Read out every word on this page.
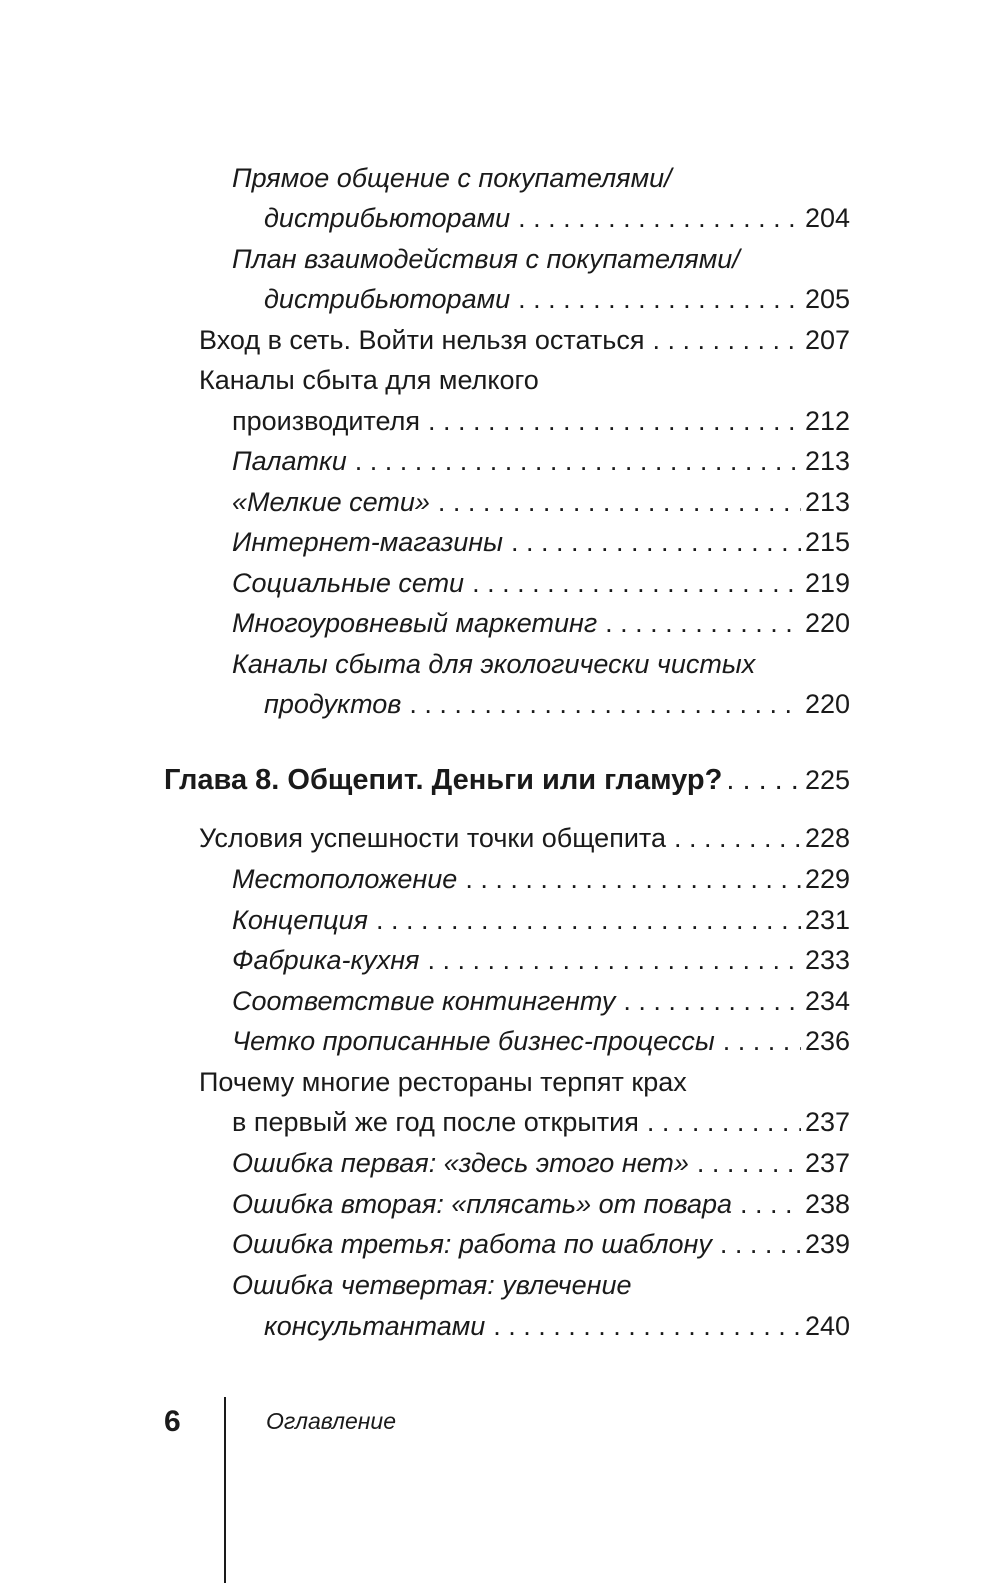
Прямое общение с покупателями/
дистрибьюторами . . .	204
План взаимодействия с покупателями/
дистрибьюторами . . .	205
Вход в сеть. Войти нельзя остаться . . .	207
Каналы сбыта для мелкого
производителя . . .	212
Палатки . . .	213
«Мелкие сети» . . .	213
Интернет-магазины . . .	215
Социальные сети . . .	219
Многоуровневый маркетинг . . .	220
Каналы сбыта для экологически чистых
продуктов . . .	220
Глава 8. Общепит. Деньги или гламур? . . .	225
Условия успешности точки общепита . . .	228
Местоположение . . .	229
Концепция . . .	231
Фабрика-кухня . . .	233
Соответствие контингенту . . .	234
Четко прописанные бизнес-процессы . . .	236
Почему многие рестораны терпят крах
в первый же год после открытия . . .	237
Ошибка первая: «здесь этого нет» . . .	237
Ошибка вторая: «плясать» от повара . . .	238
Ошибка третья: работа по шаблону . . .	239
Ошибка четвертая: увлечение
консультантами . . .	240
6	Оглавление
